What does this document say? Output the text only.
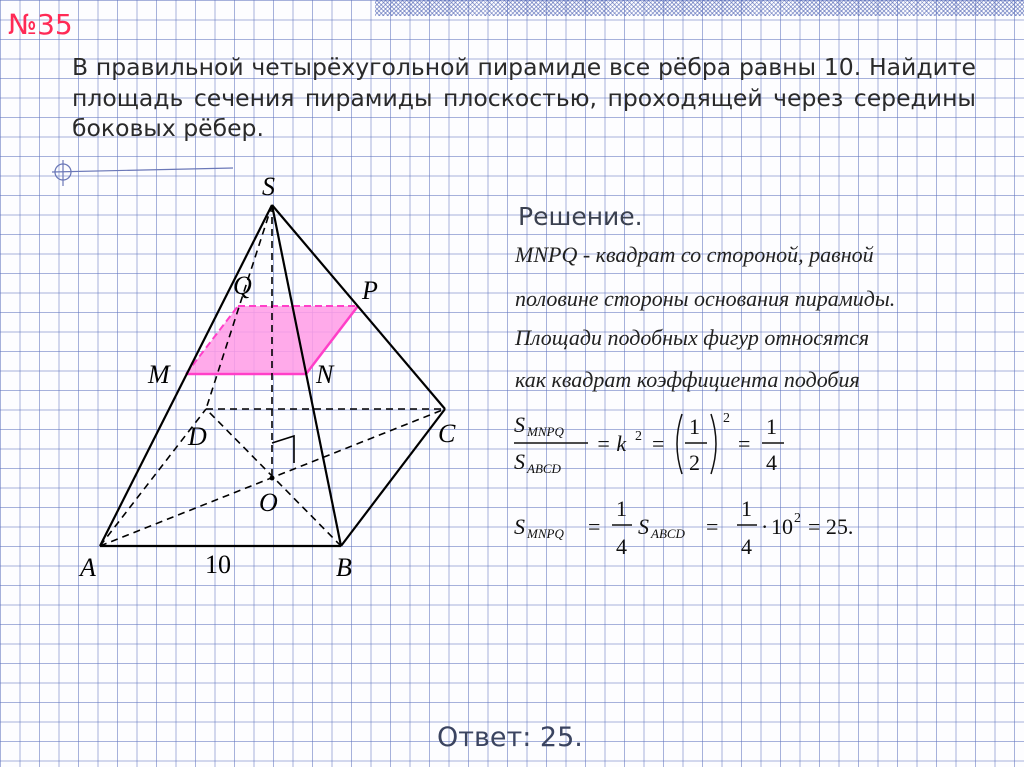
№35
В правильной четырёхугольной пирамиде все рёбра равны 10. Найдите площадь сечения пирамиды плоскостью, проходящей через середины боковых рёбер.
S
Q	P
M	N
D	C
O
A	B
10
Решение.
MNPQ - квадрат со стороной, равной
половине стороны основания пирамиды.
Площади подобных фигур относятся
как квадрат коэффициента подобия
S MNPQ
S ABCD
= k 2 =
1
2
2
=
1
4
S MNPQ =
1
4
S ABCD =
1
4
· 10 2 = 25.
Ответ: 25.
